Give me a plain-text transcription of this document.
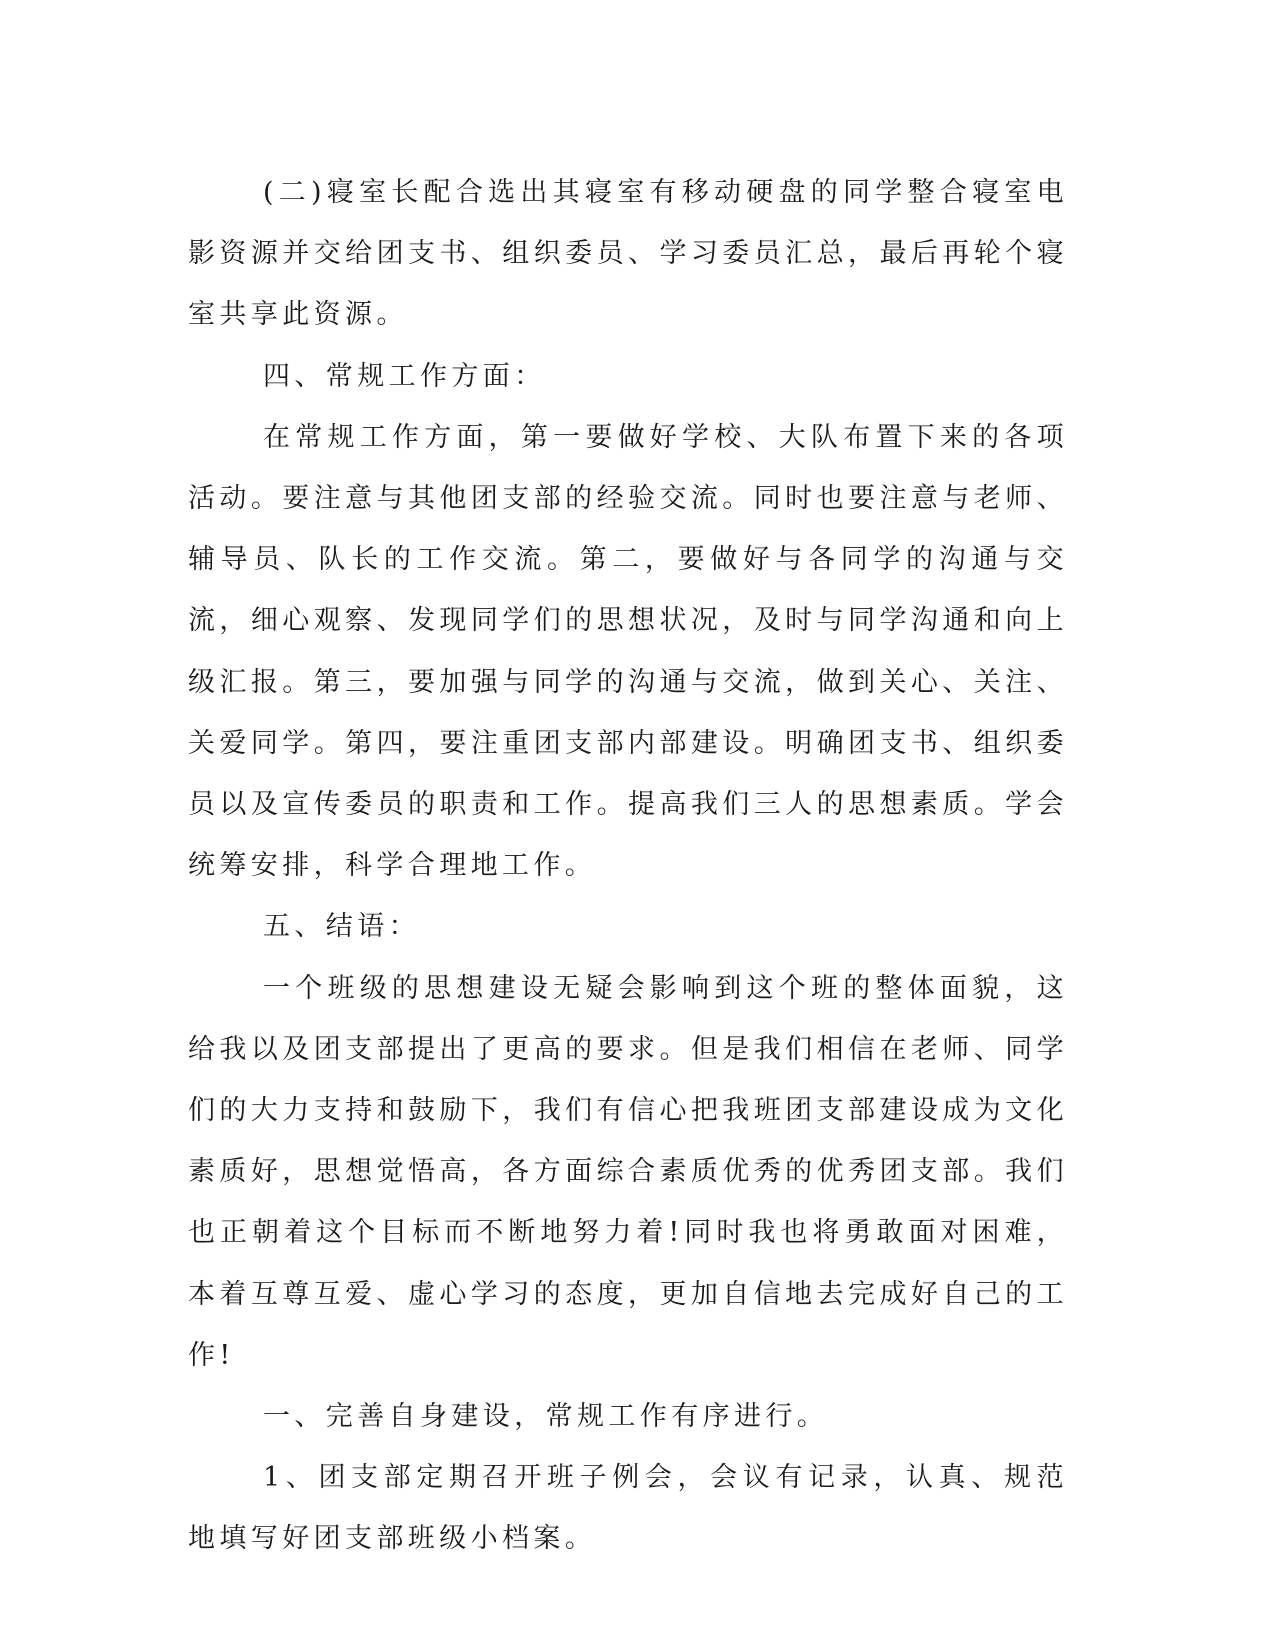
(二)寝室长配合选出其寝室有移动硬盘的同学整合寝室电影资源并交给团支书、组织委员、学习委员汇总，最后再轮个寝室共享此资源。

四、常规工作方面：

在常规工作方面，第一要做好学校、大队布置下来的各项活动。要注意与其他团支部的经验交流。同时也要注意与老师、辅导员、队长的工作交流。第二，要做好与各同学的沟通与交流，细心观察、发现同学们的思想状况，及时与同学沟通和向上级汇报。第三，要加强与同学的沟通与交流，做到关心、关注、关爱同学。第四，要注重团支部内部建设。明确团支书、组织委员以及宣传委员的职责和工作。提高我们三人的思想素质。学会统筹安排，科学合理地工作。

五、结语：

一个班级的思想建设无疑会影响到这个班的整体面貌，这给我以及团支部提出了更高的要求。但是我们相信在老师、同学们的大力支持和鼓励下，我们有信心把我班团支部建设成为文化素质好，思想觉悟高，各方面综合素质优秀的优秀团支部。我们也正朝着这个目标而不断地努力着!同时我也将勇敢面对困难，本着互尊互爱、虚心学习的态度，更加自信地去完成好自己的工作!

一、完善自身建设，常规工作有序进行。

1、团支部定期召开班子例会，会议有记录，认真、规范地填写好团支部班级小档案。
